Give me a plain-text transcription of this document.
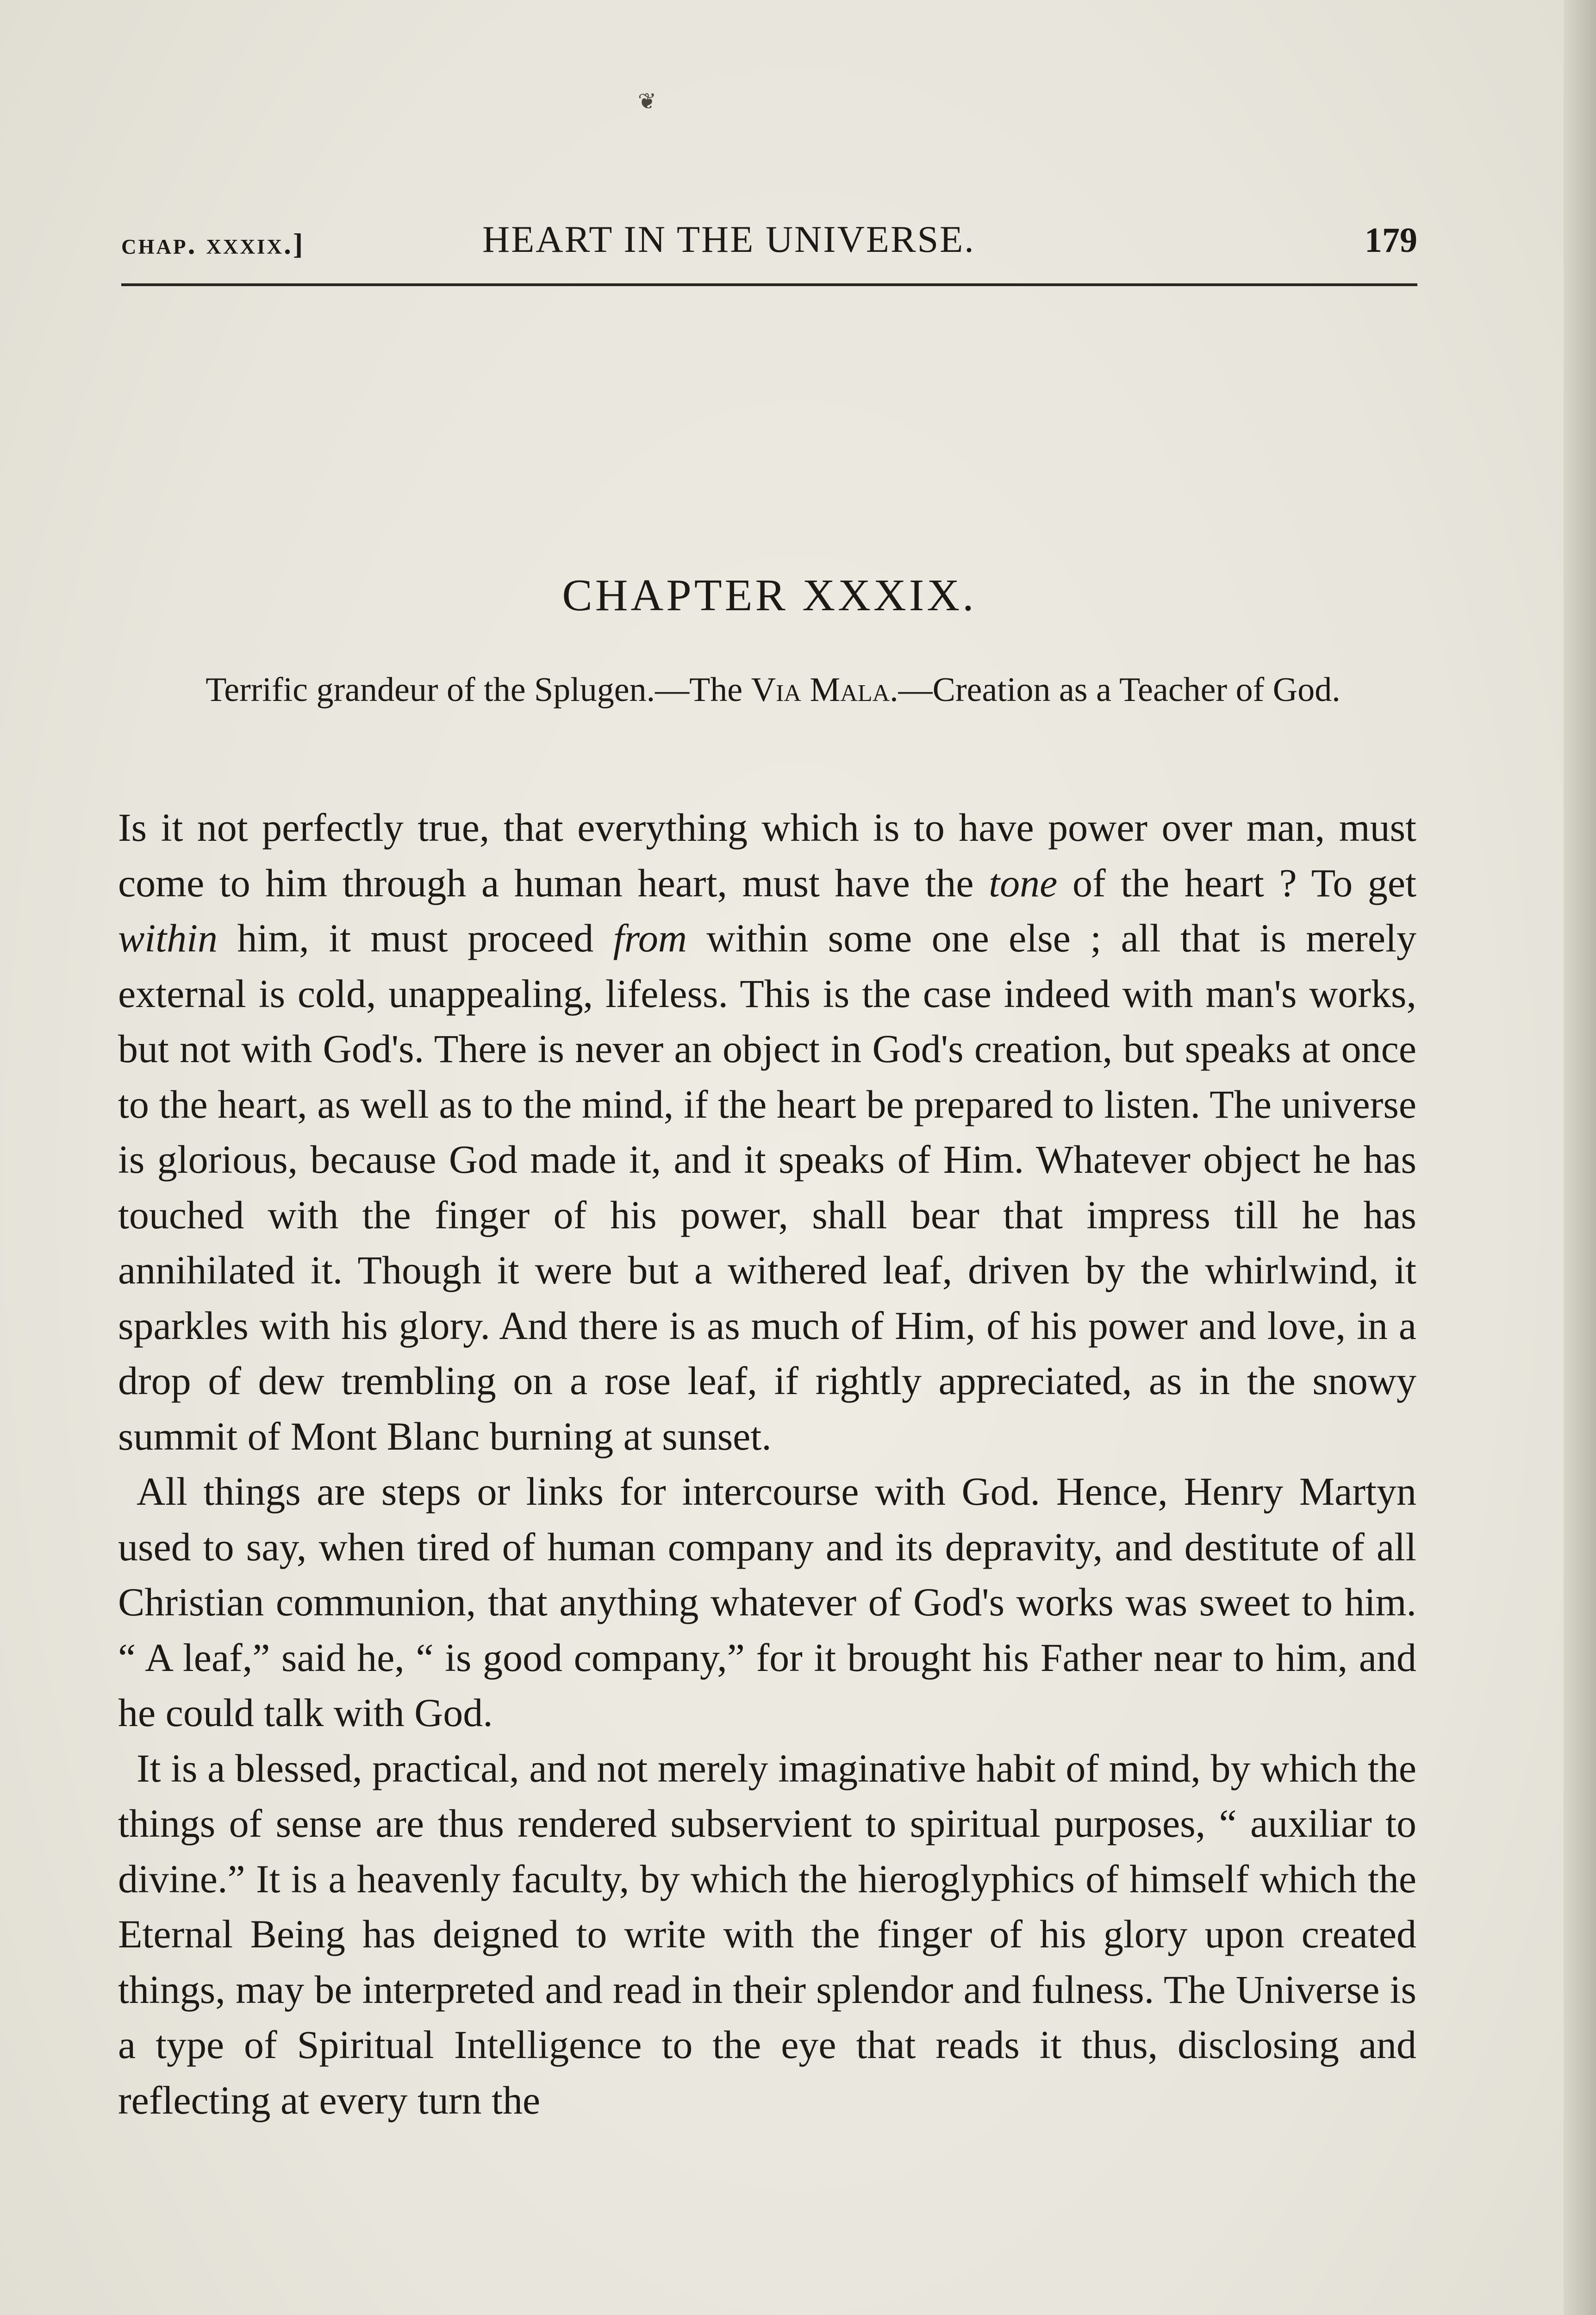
❦
chap. xxxix.]	HEART IN THE UNIVERSE.	179
CHAPTER XXXIX.
Terrific grandeur of the Splugen.—The Via Mala.—Creation as a Teacher of God.

Is it not perfectly true, that everything which is to have power over man, must come to him through a human heart, must have the tone of the heart ? To get within him, it must proceed from within some one else ; all that is merely external is cold, unappealing, lifeless. This is the case indeed with man's works, but not with God's. There is never an object in God's creation, but speaks at once to the heart, as well as to the mind, if the heart be prepared to listen. The universe is glorious, because God made it, and it speaks of Him. Whatever object he has touched with the finger of his power, shall bear that impress till he has annihilated it. Though it were but a withered leaf, driven by the whirlwind, it sparkles with his glory. And there is as much of Him, of his power and love, in a drop of dew trembling on a rose leaf, if rightly appreciated, as in the snowy summit of Mont Blanc burning at sunset.

All things are steps or links for intercourse with God. Hence, Henry Martyn used to say, when tired of human company and its depravity, and destitute of all Christian communion, that anything whatever of God's works was sweet to him. “ A leaf,” said he, “ is good company,” for it brought his Father near to him, and he could talk with God.

It is a blessed, practical, and not merely imaginative habit of mind, by which the things of sense are thus rendered subservient to spiritual purposes, “ auxiliar to divine.” It is a heavenly faculty, by which the hieroglyphics of himself which the Eternal Being has deigned to write with the finger of his glory upon created things, may be interpreted and read in their splendor and fulness. The Universe is a type of Spiritual Intelligence to the eye that reads it thus, disclosing and reflecting at every turn the
